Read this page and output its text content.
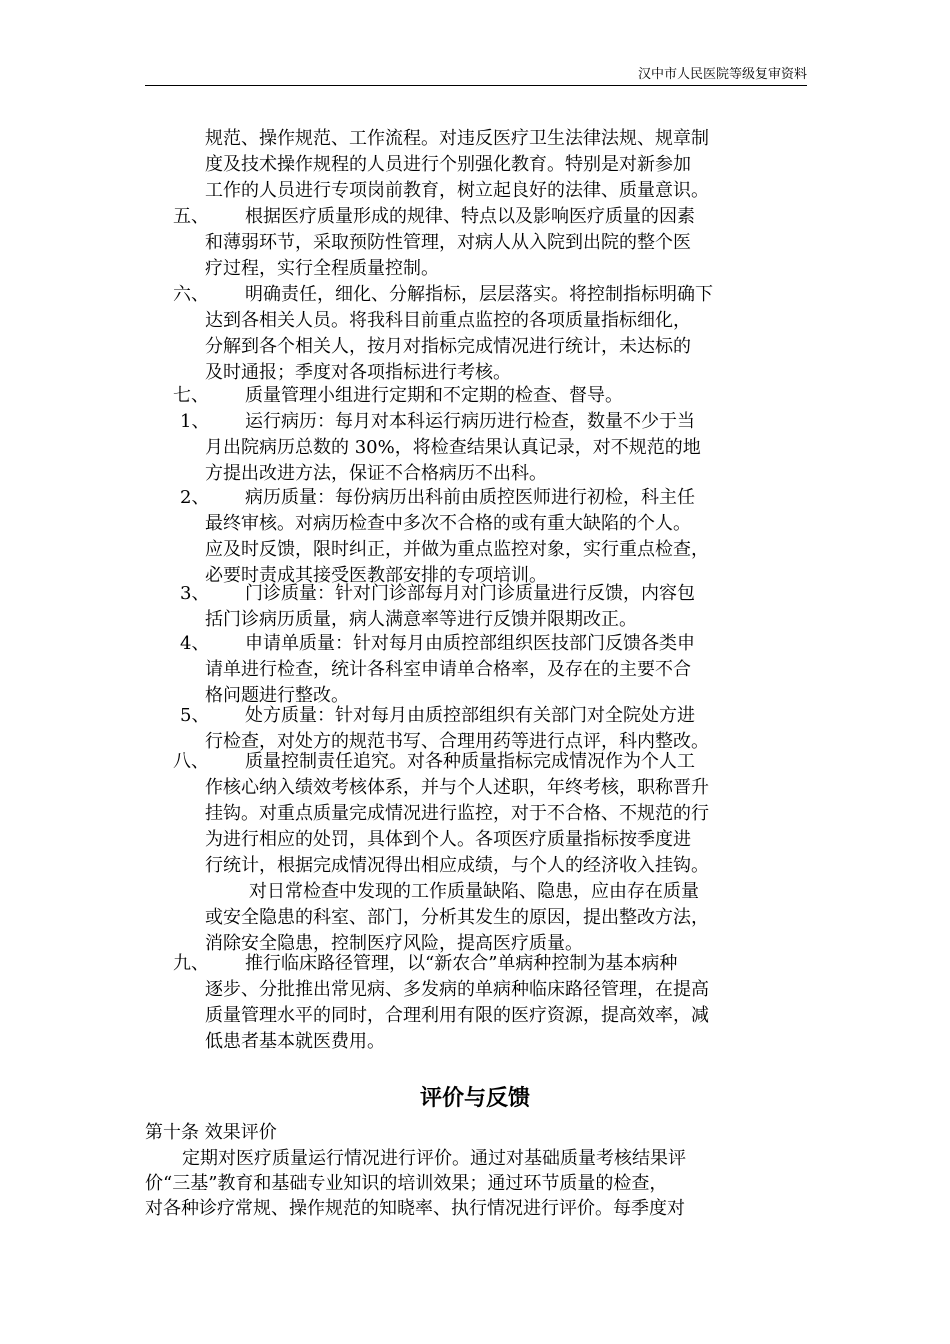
汉中市人民医院等级复审资料
规范、操作规范、工作流程。对违反医疗卫生法律法规、规章制
度及技术操作规程的人员进行个别强化教育。特别是对新参加
工作的人员进行专项岗前教育，树立起良好的法律、质量意识。
五、 根据医疗质量形成的规律、特点以及影响医疗质量的因素
和薄弱环节，采取预防性管理，对病人从入院到出院的整个医
疗过程，实行全程质量控制。
六、 明确责任，细化、分解指标，层层落实。将控制指标明确下
达到各相关人员。将我科目前重点监控的各项质量指标细化，
分解到各个相关人，按月对指标完成情况进行统计，未达标的
及时通报；季度对各项指标进行考核。
七、 质量管理小组进行定期和不定期的检查、督导。
1、 运行病历：每月对本科运行病历进行检查，数量不少于当
月出院病历总数的 30%，将检查结果认真记录，对不规范的地
方提出改进方法，保证不合格病历不出科。
2、 病历质量：每份病历出科前由质控医师进行初检，科主任
最终审核。对病历检查中多次不合格的或有重大缺陷的个人。
应及时反馈，限时纠正，并做为重点监控对象，实行重点检查，
必要时责成其接受医教部安排的专项培训。
3、 门诊质量：针对门诊部每月对门诊质量进行反馈，内容包
括门诊病历质量，病人满意率等进行反馈并限期改正。
4、 申请单质量：针对每月由质控部组织医技部门反馈各类申
请单进行检查，统计各科室申请单合格率，及存在的主要不合
格问题进行整改。
5、 处方质量：针对每月由质控部组织有关部门对全院处方进
行检查，对处方的规范书写、合理用药等进行点评，科内整改。
八、 质量控制责任追究。对各种质量指标完成情况作为个人工
作核心纳入绩效考核体系，并与个人述职，年终考核，职称晋升
挂钩。对重点质量完成情况进行监控，对于不合格、不规范的行
为进行相应的处罚，具体到个人。各项医疗质量指标按季度进
行统计，根据完成情况得出相应成绩，与个人的经济收入挂钩。
对日常检查中发现的工作质量缺陷、隐患，应由存在质量
或安全隐患的科室、部门，分析其发生的原因，提出整改方法，
消除安全隐患，控制医疗风险，提高医疗质量。
九、 推行临床路径管理，以“新农合”单病种控制为基本病种
逐步、分批推出常见病、多发病的单病种临床路径管理，在提高
质量管理水平的同时，合理利用有限的医疗资源，提高效率，减
低患者基本就医费用。
评价与反馈
第十条 效果评价
定期对医疗质量运行情况进行评价。通过对基础质量考核结果评
价“三基”教育和基础专业知识的培训效果；通过环节质量的检查，
对各种诊疗常规、操作规范的知晓率、执行情况进行评价。每季度对
